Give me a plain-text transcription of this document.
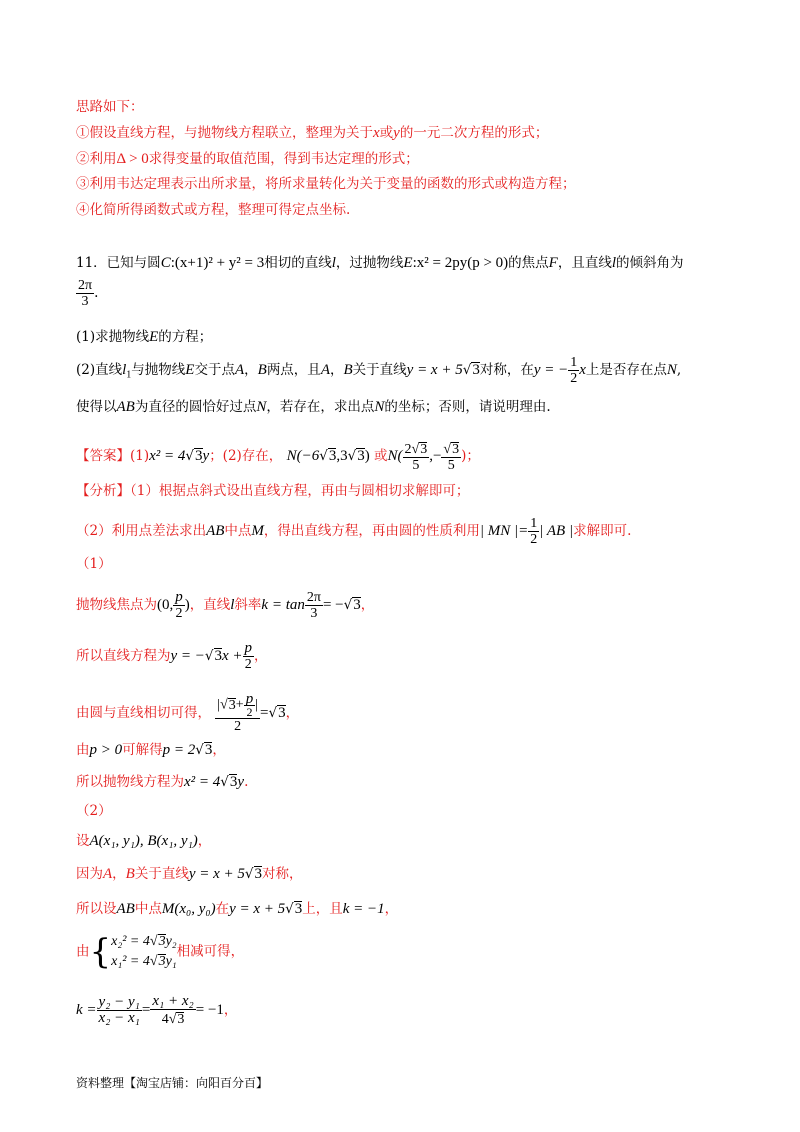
思路如下：
①假设直线方程，与抛物线方程联立，整理为关于x或y的一元二次方程的形式；
②利用Δ > 0求得变量的取值范围，得到韦达定理的形式；
③利用韦达定理表示出所求量，将所求量转化为关于变量的函数的形式或构造方程；
④化简所得函数式或方程，整理可得定点坐标.
11．已知与圆C:(x+1)² + y² = 3相切的直线l，过抛物线E:x² = 2py(p > 0)的焦点F，且直线l的倾斜角为
$\frac{2\pi}{3}$ .
(1)求抛物线E的方程；
(2)直线$l_1$与抛物线E交于点A，B两点，且A，B关于直线y = x + 5√3对称，在y = − $\frac{1}{2}$ x上是否存在点N,
使得以AB为直径的圆恰好过点N，若存在，求出点N的坐标；否则，请说明理由.
【答案】(1)x² = 4√3y；(2)存在， N(−6√3,3√3) 或$N( \frac{2√3}{5}$ ,− $\frac{√3}{5}$ )；
【分析】（1）根据点斜式设出直线方程，再由与圆相切求解即可；
（2）利用点差法求出AB中点M，得出直线方程，再由圆的性质利用| MN |= $\frac{1}{2}$ | AB |求解即可.
（1）
抛物线焦点为(0, $\frac{p}{2}$ )，直线l斜率$k = \tan \frac{2\pi}{3} = -√3$，
所以直线方程为$y = -√3x + \frac{p}{2}$ ，
由圆与直线相切可得， $\frac{|√3+ \frac{p}{2} |}{2} =√3$，
由p > 0可解得p = 2√3，
所以抛物线方程为x² = 4√3y.
（2）
设A(x₁, y₁), B(x₁, y₁)，
因为A，B关于直线y = x + 5√3对称，
所以设AB中点M(x₀, y₀)在y = x + 5√3上，且k = −1，
由{ x₂² = 4√3y₂
x₁² = 4√3y₁
相减可得，
$k = \frac{\text{y₂ − y₁}}{\text{x₂ − x₁}} = \frac{\text{x₁ + x₂}}{4√3} = -1$，
资料整理【淘宝店铺：向阳百分百】
